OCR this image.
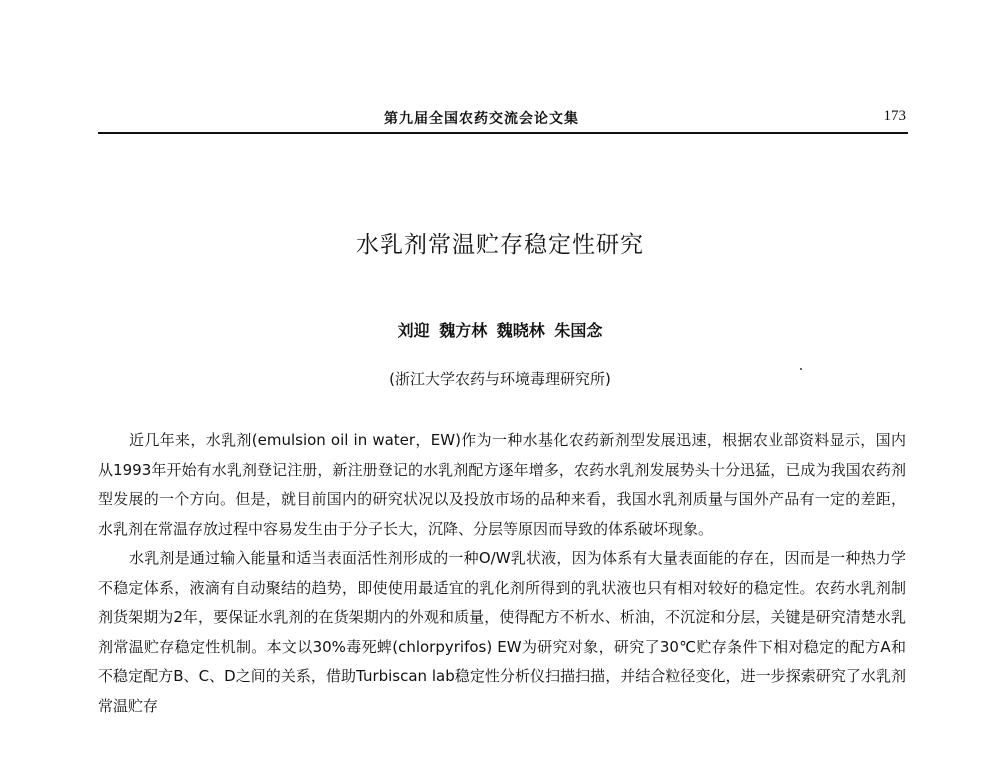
第九届全国农药交流会论文集	173
水乳剂常温贮存稳定性研究
刘迎 魏方林 魏晓林 朱国念
(浙江大学农药与环境毒理研究所)

近几年来，水乳剂(emulsion oil in water，EW)作为一种水基化农药新剂型发展迅速，根据农业部资料显示，国内从1993年开始有水乳剂登记注册，新注册登记的水乳剂配方逐年增多，农药水乳剂发展势头十分迅猛，已成为我国农药剂型发展的一个方向。但是，就目前国内的研究状况以及投放市场的品种来看，我国水乳剂质量与国外产品有一定的差距，水乳剂在常温存放过程中容易发生由于分子长大，沉降、分层等原因而导致的体系破坏现象。

水乳剂是通过输入能量和适当表面活性剂形成的一种O/W乳状液，因为体系有大量表面能的存在，因而是一种热力学不稳定体系，液滴有自动聚结的趋势，即使使用最适宜的乳化剂所得到的乳状液也只有相对较好的稳定性。农药水乳剂制剂货架期为2年，要保证水乳剂的在货架期内的外观和质量，使得配方不析水、析油，不沉淀和分层，关键是研究清楚水乳剂常温贮存稳定性机制。本文以30%毒死蜱(chlorpyrifos) EW为研究对象，研究了30℃贮存条件下相对稳定的配方A和不稳定配方B、C、D之间的关系，借助Turbiscan lab稳定性分析仪扫描扫描，并结合粒径变化，进一步探索研究了水乳剂常温贮存
